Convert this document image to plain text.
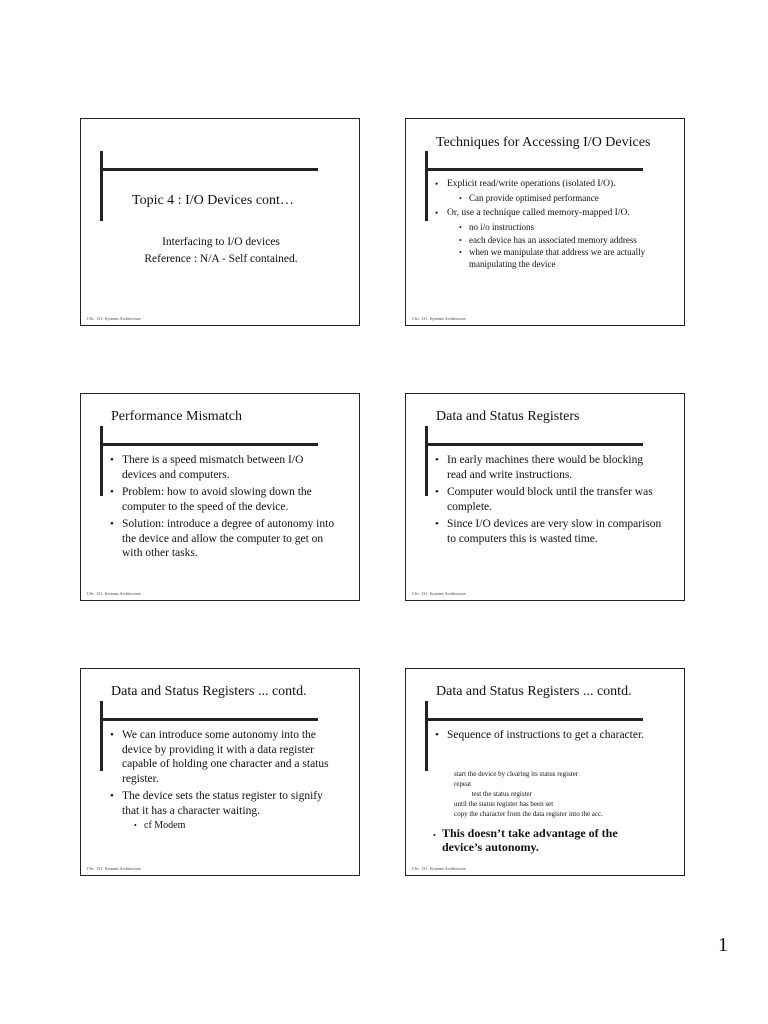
Topic 4 : I/O Devices cont…
Interfacing to I/O devices
Reference : N/A - Self contained.
CSc. 131: Systems Architecture
Techniques for Accessing I/O Devices
• Explicit read/write operations (isolated I/O).
• Can provide optimised performance
• Or, use a technique called memory-mapped I/O.
• no i/o instructions
• each device has an associated memory address
• when we manipulate that address we are actually manipulating the device
CSc. 131: Systems Architecture
Performance Mismatch
• There is a speed mismatch between I/O devices and computers.
• Problem: how to avoid slowing down the computer to the speed of the device.
• Solution: introduce a degree of autonomy into the device and allow the computer to get on with other tasks.
CSc. 131: Systems Architecture
Data and Status Registers
• In early machines there would be blocking read and write instructions.
• Computer would block until the transfer was complete.
• Since I/O devices are very slow in comparison to computers this is wasted time.
CSc. 131: Systems Architecture
Data and Status Registers ... contd.
• We can introduce some autonomy into the device by providing it with a data register capable of holding one character and a status register.
• The device sets the status register to signify that it has a character waiting.
• cf Modem
CSc. 131: Systems Architecture
Data and Status Registers ... contd.
• Sequence of instructions to get a character.
start the device by clearing its status register
repeat
test the status register
until the status register has been set
copy the character from the data register into the acc.
• This doesn’t take advantage of the device’s autonomy.
CSc. 131: Systems Architecture
1
